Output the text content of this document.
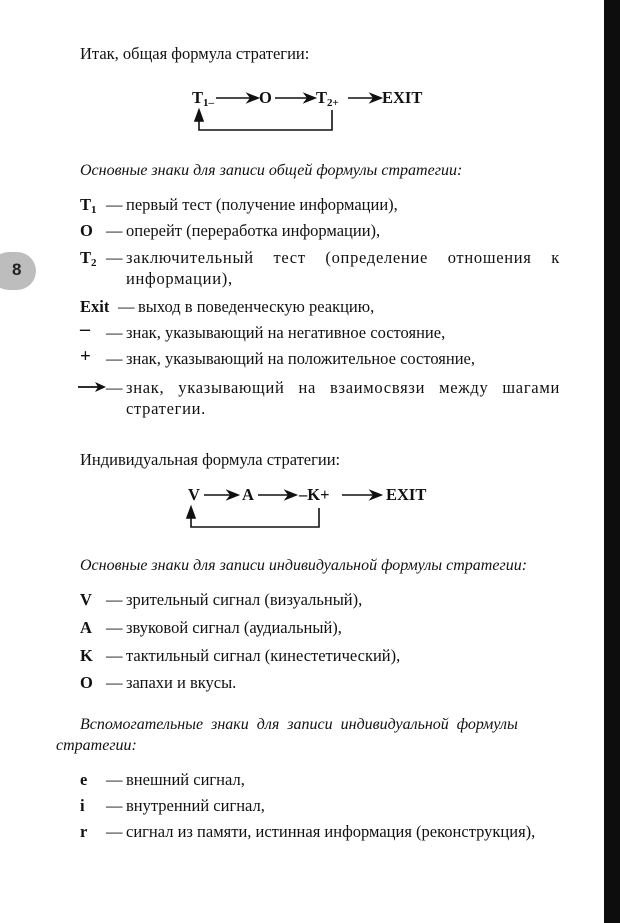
8
Итак, общая формула стратегии:
$T_{1-}$	O	$T_{2+}$	EXIT
Основные знаки для записи общей формулы стратегии:
$T_1$ — первый тест (получение информации),
O — оперейт (переработка информации),
$T_2$ — заключительный тест (определение отношения к информации),
Exit — выход в поведенческую реакцию,
– — знак, указывающий на негативное состояние,
+ — знак, указывающий на положительное состояние,
— знак, указывающий на взаимосвязи между шагами стратегии.
Индивидуальная формула стратегии:
V	A	–K+	EXIT
Основные знаки для записи индивидуальной формулы стратегии:
V — зрительный сигнал (визуальный),
A — звуковой сигнал (аудиальный),
K — тактильный сигнал (кинестетический),
O — запахи и вкусы.
Вспомогательные знаки для записи индивидуальной формулы
стратегии:
e — внешний сигнал,
i — внутренний сигнал,
r — сигнал из памяти, истинная информация (реконструкция),
